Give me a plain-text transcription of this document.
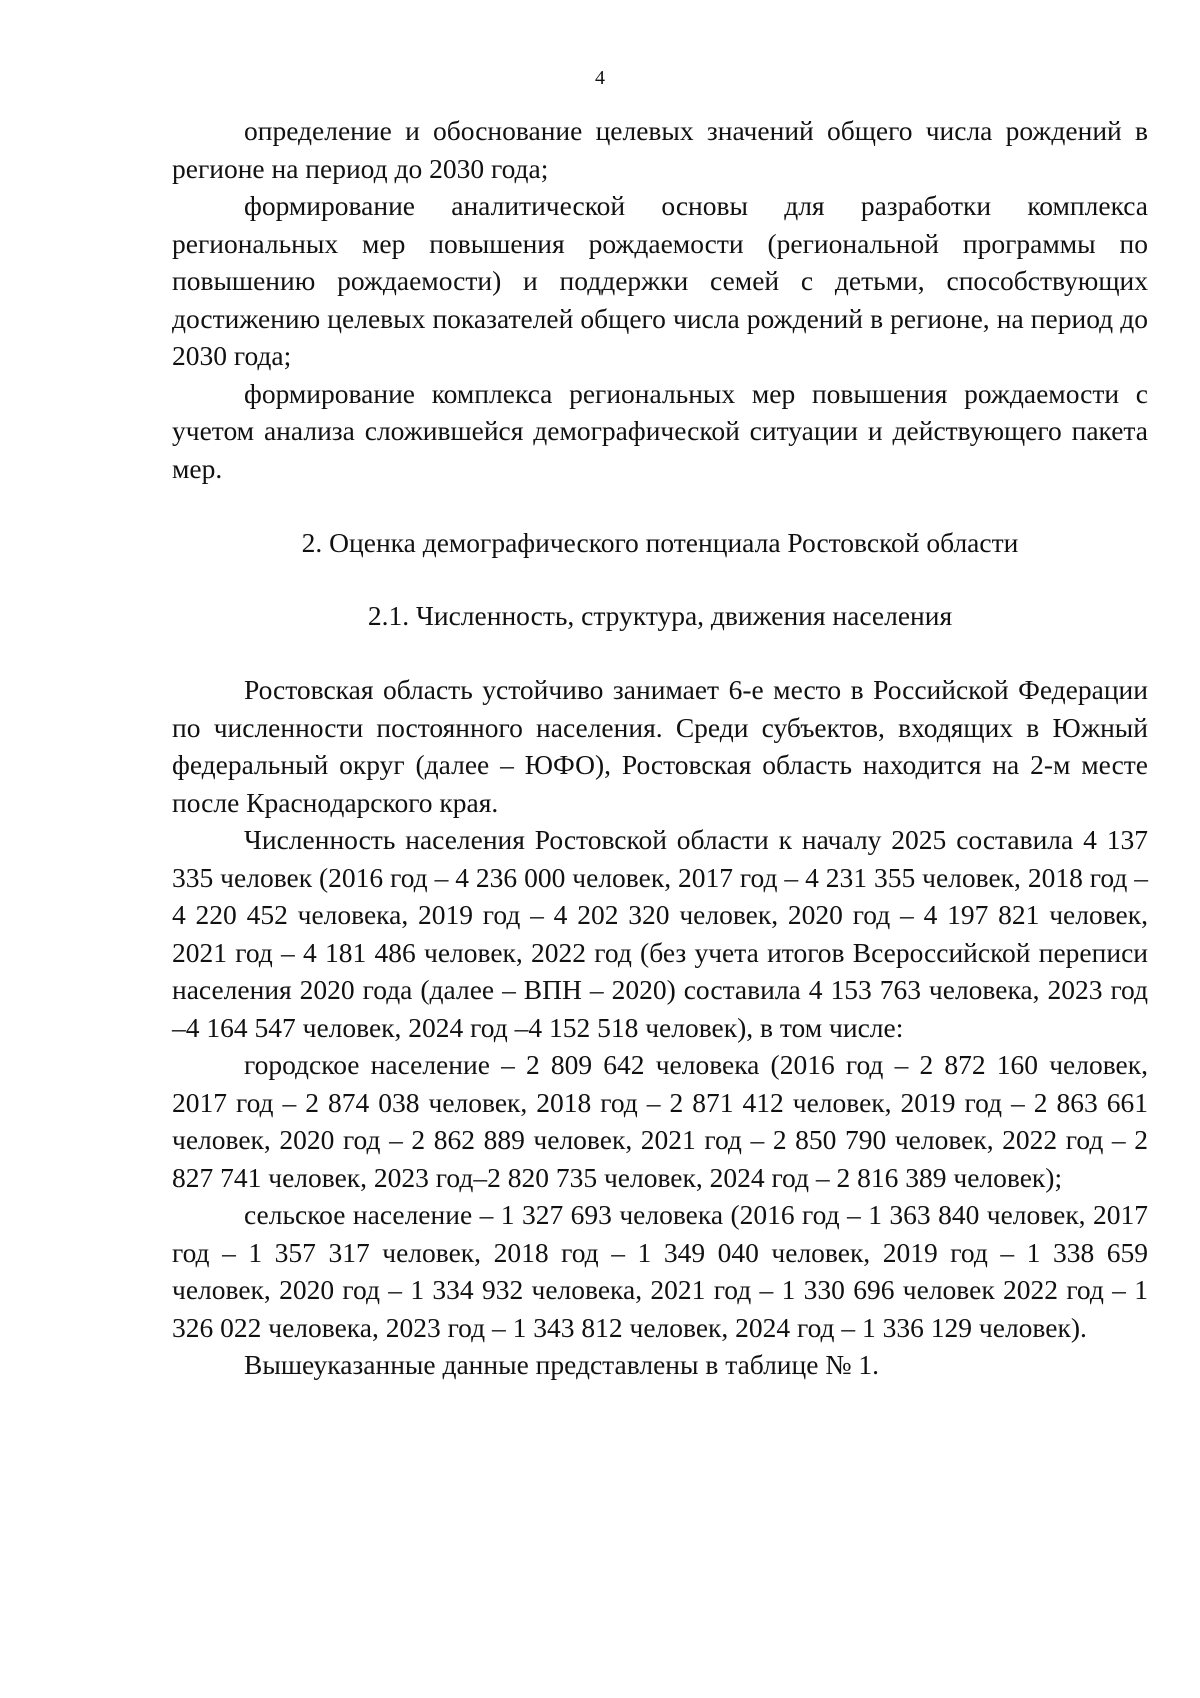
4

определение и обоснование целевых значений общего числа рождений в регионе на период до 2030 года;

формирование аналитической основы для разработки комплекса региональных мер повышения рождаемости (региональной программы по повышению рождаемости) и поддержки семей с детьми, способствующих достижению целевых показателей общего числа рождений в регионе, на период до 2030 года;

формирование комплекса региональных мер повышения рождаемости с учетом анализа сложившейся демографической ситуации и действующего пакета мер.

2. Оценка демографического потенциала Ростовской области

2.1. Численность, структура, движения населения

Ростовская область устойчиво занимает 6-е место в Российской Федерации по численности постоянного населения. Среди субъектов, входящих в Южный федеральный округ (далее – ЮФО), Ростовская область находится на 2-м месте после Краснодарского края.

Численность населения Ростовской области к началу 2025 составила 4 137 335 человек (2016 год – 4 236 000 человек, 2017 год – 4 231 355 человек, 2018 год – 4 220 452 человека, 2019 год – 4 202 320 человек, 2020 год – 4 197 821 человек, 2021 год – 4 181 486 человек, 2022 год (без учета итогов Всероссийской переписи населения 2020 года (далее – ВПН – 2020) составила 4 153 763 человека, 2023 год –4 164 547 человек, 2024 год –4 152 518 человек), в том числе:

городское население – 2 809 642 человека (2016 год – 2 872 160 человек, 2017 год – 2 874 038 человек, 2018 год – 2 871 412 человек, 2019 год – 2 863 661 человек, 2020 год – 2 862 889 человек, 2021 год – 2 850 790 человек, 2022 год – 2 827 741 человек, 2023 год–2 820 735 человек, 2024 год – 2 816 389 человек);

сельское население – 1 327 693 человека (2016 год – 1 363 840 человек, 2017 год – 1 357 317 человек, 2018 год – 1 349 040 человек, 2019 год – 1 338 659 человек, 2020 год – 1 334 932 человека, 2021 год – 1 330 696 человек 2022 год – 1 326 022 человека, 2023 год – 1 343 812 человек, 2024 год – 1 336 129 человек).

Вышеуказанные данные представлены в таблице № 1.
